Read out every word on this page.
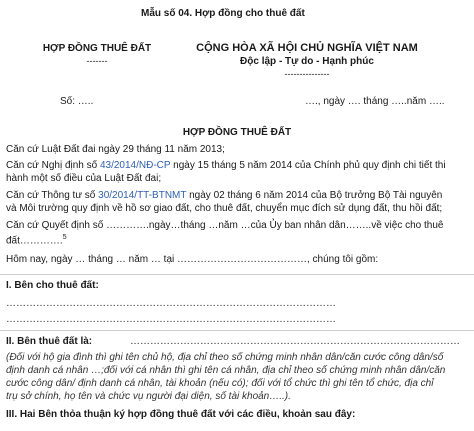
Mẫu số 04. Hợp đồng cho thuê đất
HỢP ĐỒNG THUÊ ĐẤT
-------
CỘNG HÒA XÃ HỘI CHỦ NGHĨA VIỆT NAM
Độc lập - Tự do - Hạnh phúc
---------------
Số: …..	…., ngày …. tháng …..năm …..
HỢP ĐỒNG THUÊ ĐẤT
Căn cứ Luật Đất đai ngày 29 tháng 11 năm 2013;
Căn cứ Nghị định số 43/2014/NĐ-CP ngày 15 tháng 5 năm 2014 của Chính phủ quy định chi tiết thi
hành một số điều của Luật Đất đai;
Căn cứ Thông tư số 30/2014/TT-BTNMT ngày 02 tháng 6 năm 2014 của Bộ trưởng Bộ Tài nguyên
và Môi trường quy định về hồ sơ giao đất, cho thuê đất, chuyển mục đích sử dụng đất, thu hồi đất;
Căn cứ Quyết định số ………….ngày…tháng …năm …của Ủy ban nhân dân……..về việc cho thuê
đất………….$^5$
Hôm nay, ngày … tháng … năm … tại …………………………………, chúng tôi gồm:
I. Bên cho thuê đất:
………………………………………………………………………………………
………………………………………………………………………………………
II. Bên thuê đất là:	………………………………………………………………………………………
(Đối với hộ gia đình thì ghi tên chủ hộ, địa chỉ theo số chứng minh nhân dân/căn cước công dân/số
định danh cá nhân …;đối với cá nhân thì ghi tên cá nhân, địa chỉ theo số chứng minh nhân dân/căn
cước công dân/ định danh cá nhân, tài khoản (nếu có); đối với tổ chức thì ghi tên tổ chức, địa chỉ
trụ sở chính, họ tên và chức vụ người đại diện, số tài khoản…..).
III. Hai Bên thỏa thuận ký hợp đồng thuê đất với các điều, khoản sau đây:
